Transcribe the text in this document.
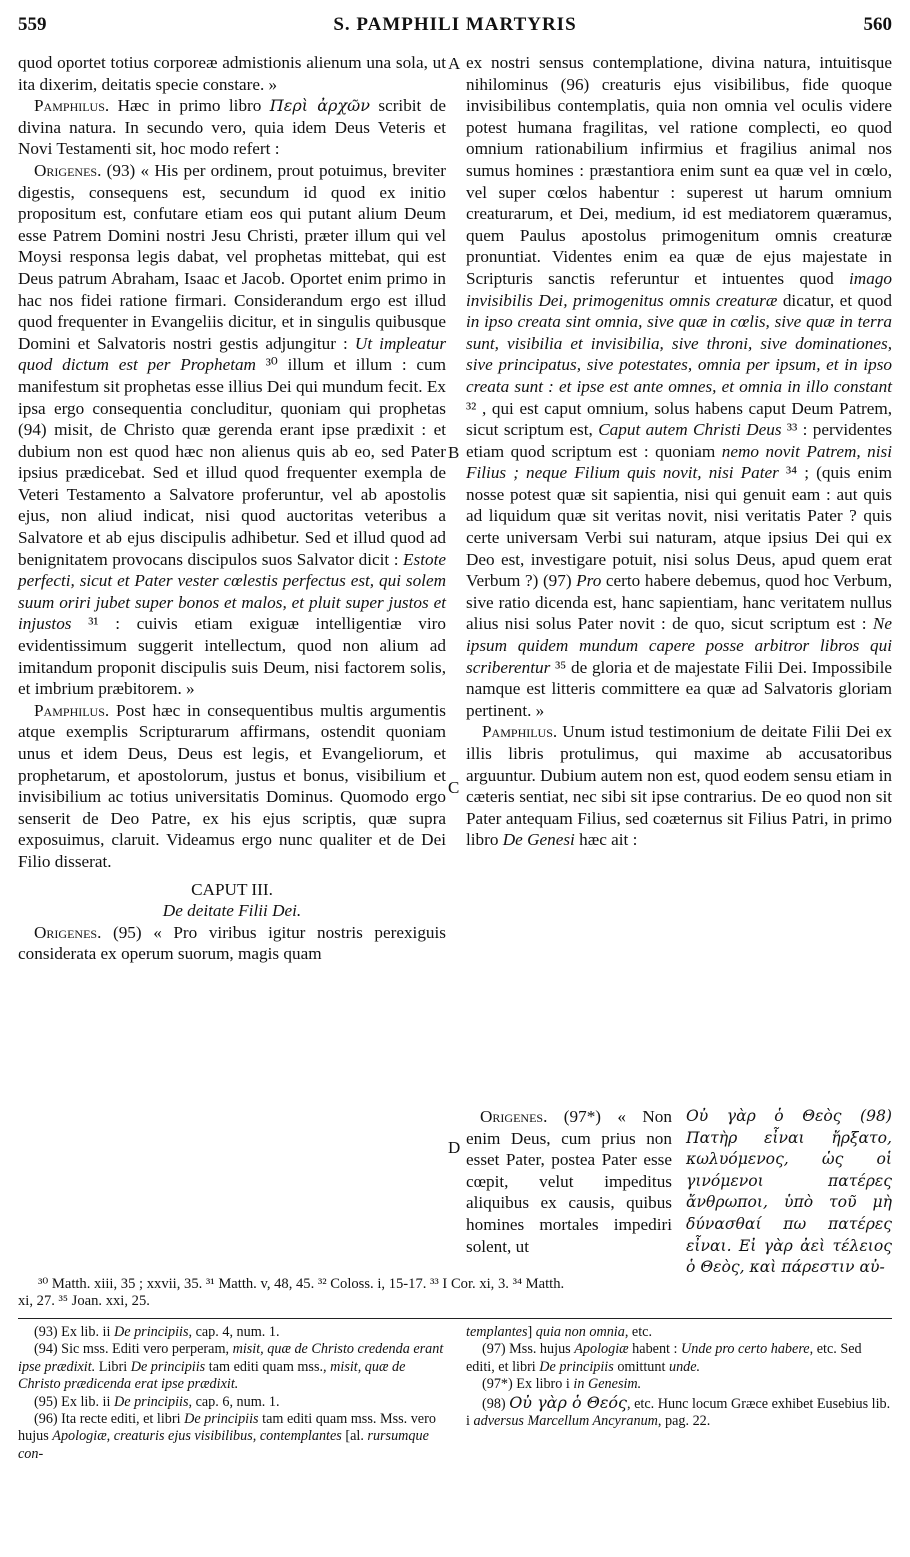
559	S. PAMPHILI MARTYRIS	560

quod oportet totius corporeæ admistionis alienum una sola, ut ita dixerim, deitatis specie constare. »

Pamphilus. Hæc in primo libro Περὶ ἀρχῶν scribit de divina natura. In secundo vero, quia idem Deus Veteris et Novi Testamenti sit, hoc modo refert :

Origenes. (93) « His per ordinem, prout potuimus, breviter digestis, consequens est, secundum id quod ex initio propositum est, confutare etiam eos qui putant alium Deum esse Patrem Domini nostri Jesu Christi, præter illum qui vel Moysi responsa legis dabat, vel prophetas mittebat, qui est Deus patrum Abraham, Isaac et Jacob. Oportet enim primo in hac nos fidei ratione firmari. Considerandum ergo est illud quod frequenter in Evangeliis dicitur, et in singulis quibusque Domini et Salvatoris nostri gestis adjungitur : Ut impleatur quod dictum est per Prophetam ³⁰ illum et illum : cum manifestum sit prophetas esse illius Dei qui mundum fecit. Ex ipsa ergo consequentia concluditur, quoniam qui prophetas (94) misit, de Christo quæ gerenda erant ipse prædixit : et dubium non est quod hæc non alienus quis ab eo, sed Pater ipsius prædicebat. Sed et illud quod frequenter exempla de Veteri Testamento a Salvatore proferuntur, vel ab apostolis ejus, non aliud indicat, nisi quod auctoritas veteribus a Salvatore et ab ejus discipulis adhibetur. Sed et illud quod ad benignitatem provocans discipulos suos Salvator dicit : Estote perfecti, sicut et Pater vester cœlestis perfectus est, qui solem suum oriri jubet super bonos et malos, et pluit super justos et injustos ³¹ : cuivis etiam exiguæ intelligentiæ viro evidentissimum suggerit intellectum, quod non alium ad imitandum proponit discipulis suis Deum, nisi factorem solis, et imbrium præbitorem. »

Pamphilus. Post hæc in consequentibus multis argumentis atque exemplis Scripturarum affirmans, ostendit quoniam unus et idem Deus, Deus est legis, et Evangeliorum, et prophetarum, et apostolorum, justus et bonus, visibilium et invisibilium ac totius universitatis Dominus. Quomodo ergo senserit de Deo Patre, ex his ejus scriptis, quæ supra exposuimus, claruit. Videamus ergo nunc qualiter et de Dei Filio disserat.

CAPUT III.

De deitate Filii Dei.

Origenes. (95) « Pro viribus igitur nostris perexiguis considerata ex operum suorum, magis quam

A
B
C
D

ex nostri sensus contemplatione, divina natura, intuitisque nihilominus (96) creaturis ejus visibilibus, fide quoque invisibilibus contemplatis, quia non omnia vel oculis videre potest humana fragilitas, vel ratione complecti, eo quod omnium rationabilium infirmius et fragilius animal nos sumus homines : præstantiora enim sunt ea quæ vel in cœlo, vel super cœlos habentur : superest ut harum omnium creaturarum, et Dei, medium, id est mediatorem quæramus, quem Paulus apostolus primogenitum omnis creaturæ pronuntiat. Videntes enim ea quæ de ejus majestate in Scripturis sanctis referuntur et intuentes quod imago invisibilis Dei, primogenitus omnis creaturæ dicatur, et quod in ipso creata sint omnia, sive quæ in cœlis, sive quæ in terra sunt, visibilia et invisibilia, sive throni, sive dominationes, sive principatus, sive potestates, omnia per ipsum, et in ipso creata sunt : et ipse est ante omnes, et omnia in illo constant ³² , qui est caput omnium, solus habens caput Deum Patrem, sicut scriptum est, Caput autem Christi Deus ³³ : pervidentes etiam quod scriptum est : quoniam nemo novit Patrem, nisi Filius ; neque Filium quis novit, nisi Pater ³⁴ ; (quis enim nosse potest quæ sit sapientia, nisi qui genuit eam : aut quis ad liquidum quæ sit veritas novit, nisi veritatis Pater ? quis certe universam Verbi sui naturam, atque ipsius Dei qui ex Deo est, investigare potuit, nisi solus Deus, apud quem erat Verbum ?) (97) Pro certo habere debemus, quod hoc Verbum, sive ratio dicenda est, hanc sapientiam, hanc veritatem nullus alius nisi solus Pater novit : de quo, sicut scriptum est : Ne ipsum quidem mundum capere posse arbitror libros qui scriberentur ³⁵ de gloria et de majestate Filii Dei. Impossibile namque est litteris committere ea quæ ad Salvatoris gloriam pertinent. »

Pamphilus. Unum istud testimonium de deitate Filii Dei ex illis libris protulimus, qui maxime ab accusatoribus arguuntur. Dubium autem non est, quod eodem sensu etiam in cæteris sentiat, nec sibi sit ipse contrarius. De eo quod non sit Pater antequam Filius, sed coæternus sit Filius Patri, in primo libro De Genesi hæc ait :

Origenes. (97*) « Non enim Deus, cum prius non esset Pater, postea Pater esse cœpit, velut impeditus aliquibus ex causis, quibus homines mortales impediri solent, ut

Οὐ γὰρ ὁ Θεὸς (98) Πατὴρ εἶναι ἤρξατο, κωλυόμενος, ὡς οἱ γινόμενοι πατέρες ἄνθρωποι, ὑπὸ τοῦ μὴ δύνασθαί πω πατέρες εἶναι. Εἰ γὰρ ἀεὶ τέλειος ὁ Θεὸς, καὶ πάρεστιν αὐ-

³⁰ Matth. xiii, 35 ; xxvii, 35. ³¹ Matth. v, 48, 45. ³² Coloss. i, 15-17. ³³ I Cor. xi, 3. ³⁴ Matth.

xi, 27. ³⁵ Joan. xxi, 25.

(93) Ex lib. ii De principiis, cap. 4, num. 1.

(94) Sic mss. Editi vero perperam, misit, quæ de Christo credenda erant ipse prædixit. Libri De principiis tam editi quam mss., misit, quæ de Christo prædicenda erat ipse prædixit.

(95) Ex lib. ii De principiis, cap. 6, num. 1.

(96) Ita recte editi, et libri De principiis tam editi quam mss. Mss. vero hujus Apologiæ, creaturis ejus visibilibus, contemplantes [al. rursumque con-

templantes] quia non omnia, etc.

(97) Mss. hujus Apologiæ habent : Unde pro certo habere, etc. Sed editi, et libri De principiis omittunt unde.

(97*) Ex libro i in Genesim.

(98) Οὐ γὰρ ὁ Θεός, etc. Hunc locum Græce exhibet Eusebius lib. i adversus Marcellum Ancyranum, pag. 22.
